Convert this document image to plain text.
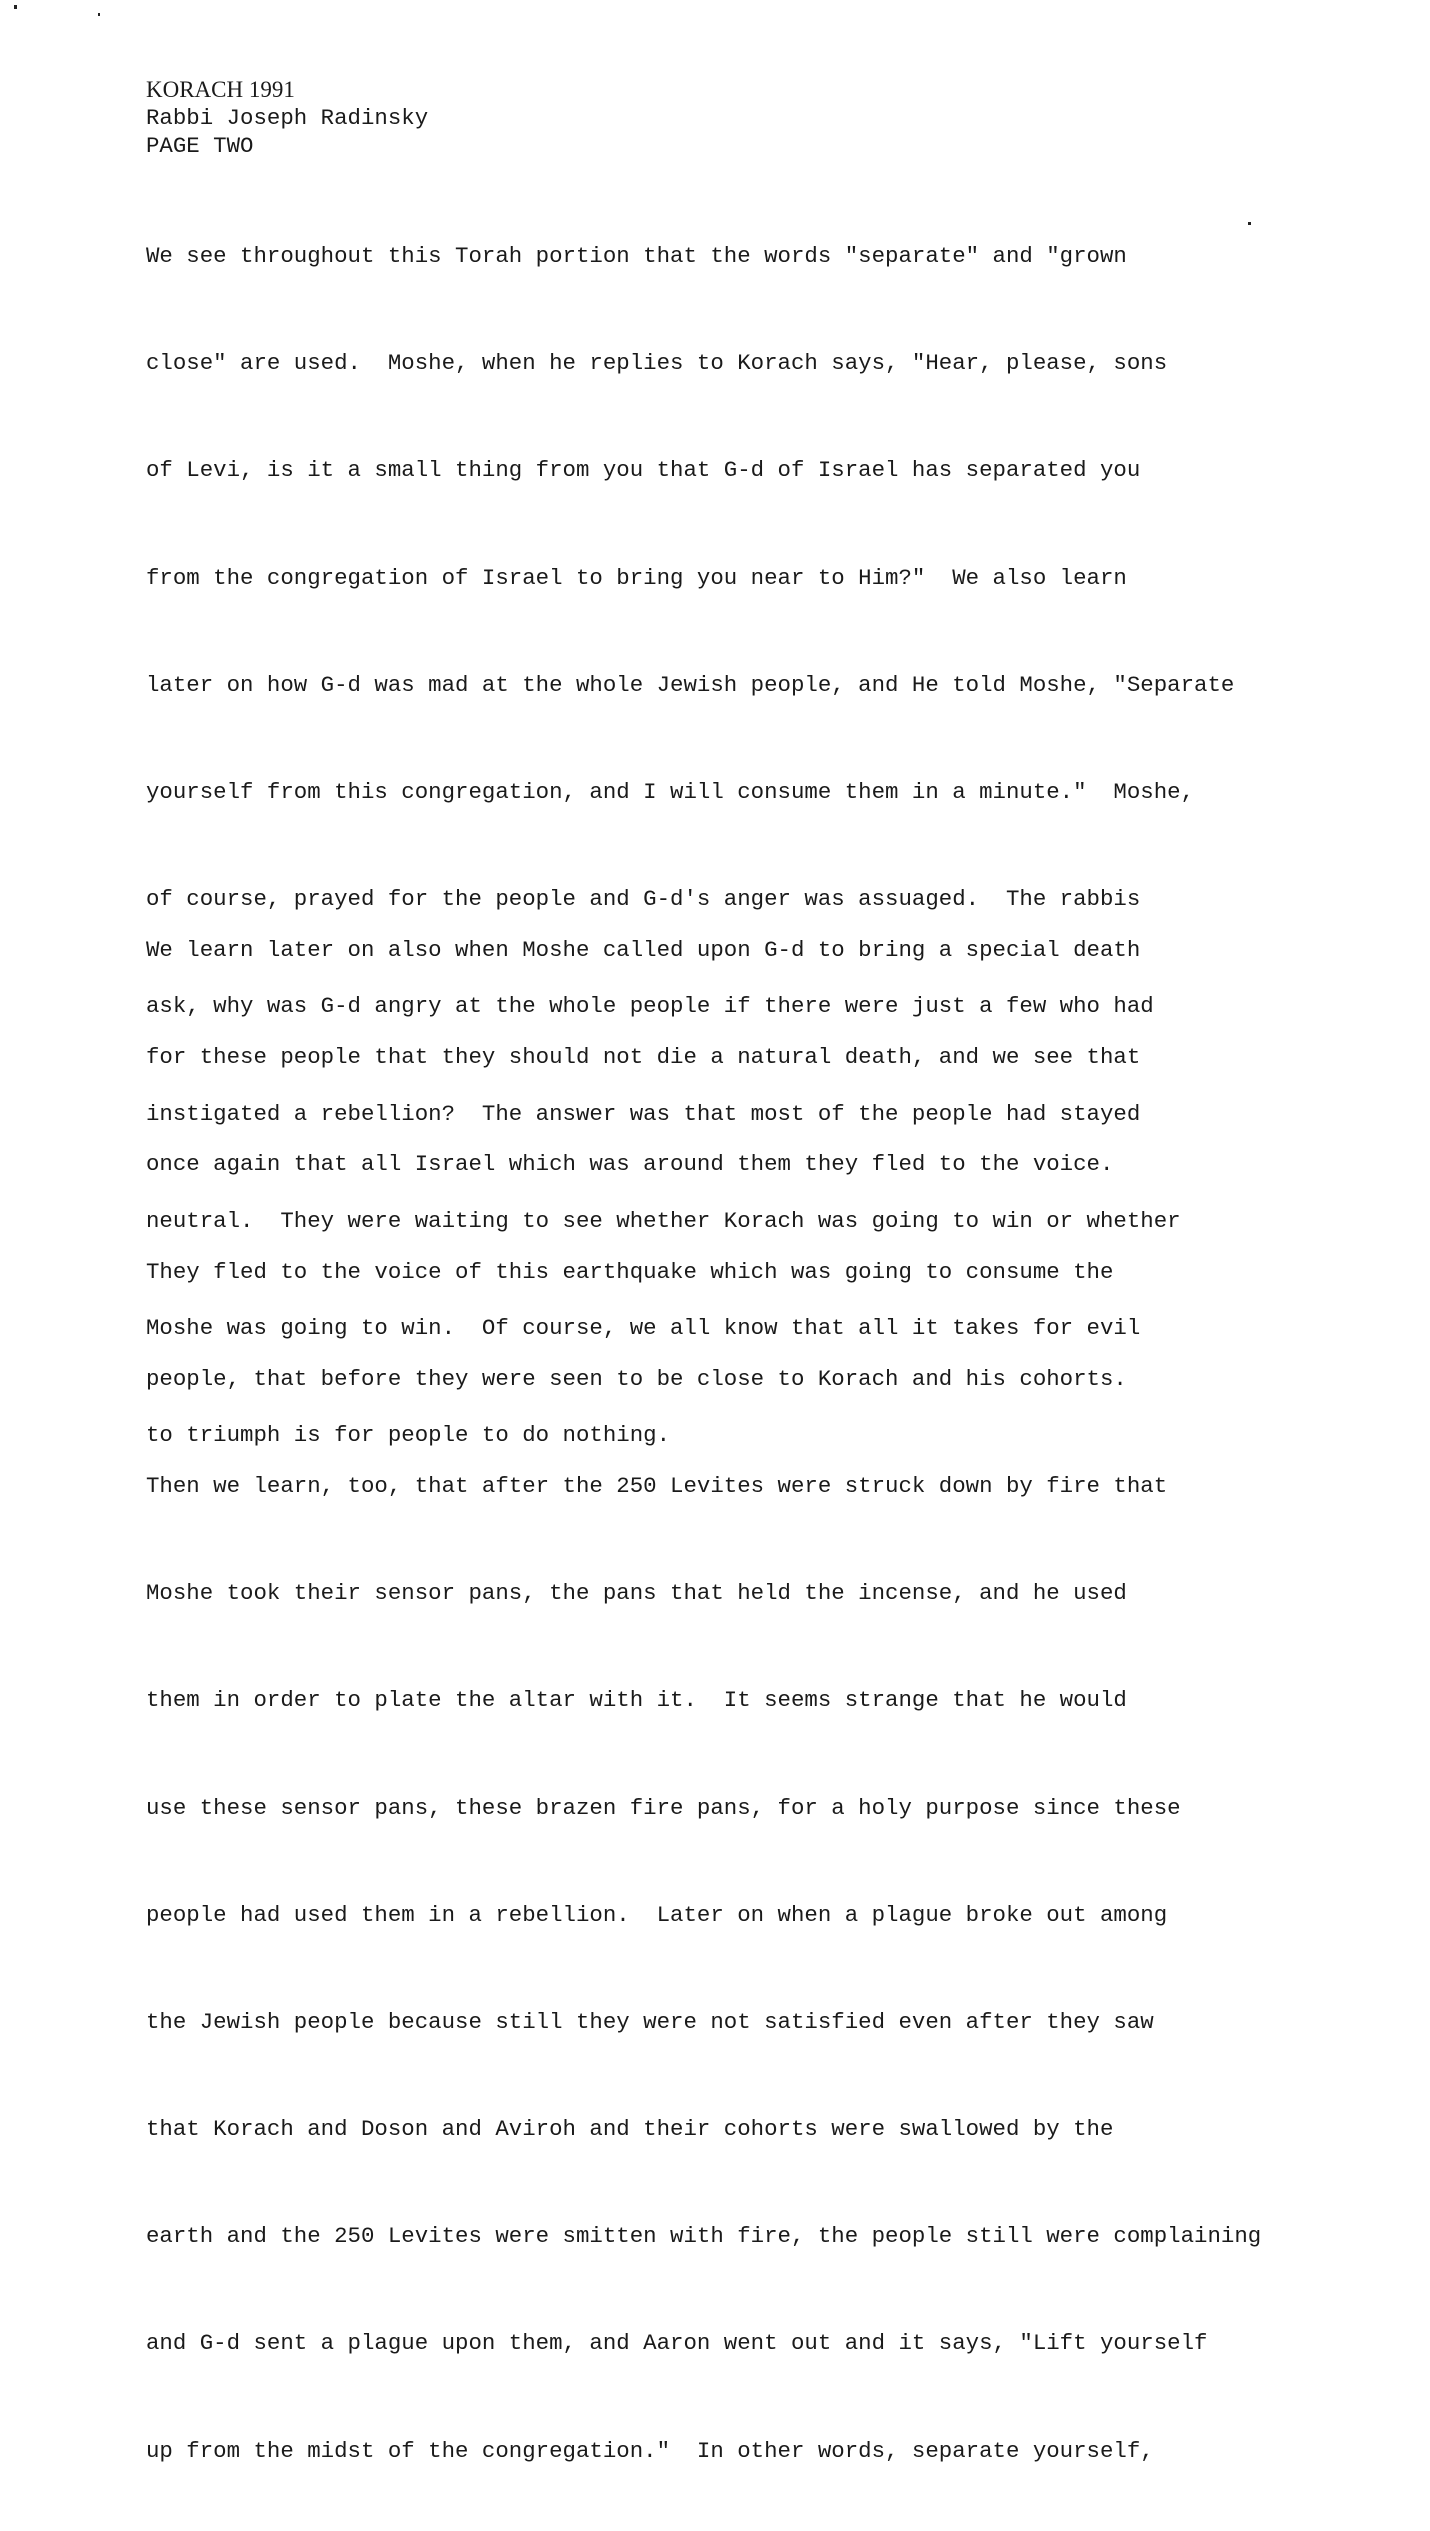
KORACH 1991
Rabbi Joseph Radinsky
PAGE TWO

We see throughout this Torah portion that the words "separate" and "grown

close" are used.  Moshe, when he replies to Korach says, "Hear, please, sons

of Levi, is it a small thing from you that G-d of Israel has separated you

from the congregation of Israel to bring you near to Him?"  We also learn

later on how G-d was mad at the whole Jewish people, and He told Moshe, "Separate

yourself from this congregation, and I will consume them in a minute."  Moshe,

of course, prayed for the people and G-d's anger was assuaged.  The rabbis

ask, why was G-d angry at the whole people if there were just a few who had

instigated a rebellion?  The answer was that most of the people had stayed

neutral.  They were waiting to see whether Korach was going to win or whether

Moshe was going to win.  Of course, we all know that all it takes for evil

to triumph is for people to do nothing.

We learn later on also when Moshe called upon G-d to bring a special death

for these people that they should not die a natural death, and we see that

once again that all Israel which was around them they fled to the voice.

They fled to the voice of this earthquake which was going to consume the

people, that before they were seen to be close to Korach and his cohorts.

Then we learn, too, that after the 250 Levites were struck down by fire that

Moshe took their sensor pans, the pans that held the incense, and he used

them in order to plate the altar with it.  It seems strange that he would

use these sensor pans, these brazen fire pans, for a holy purpose since these

people had used them in a rebellion.  Later on when a plague broke out among

the Jewish people because still they were not satisfied even after they saw

that Korach and Doson and Aviroh and their cohorts were swallowed by the

earth and the 250 Levites were smitten with fire, the people still were complaining

and G-d sent a plague upon them, and Aaron went out and it says, "Lift yourself

up from the midst of the congregation."  In other words, separate yourself,
